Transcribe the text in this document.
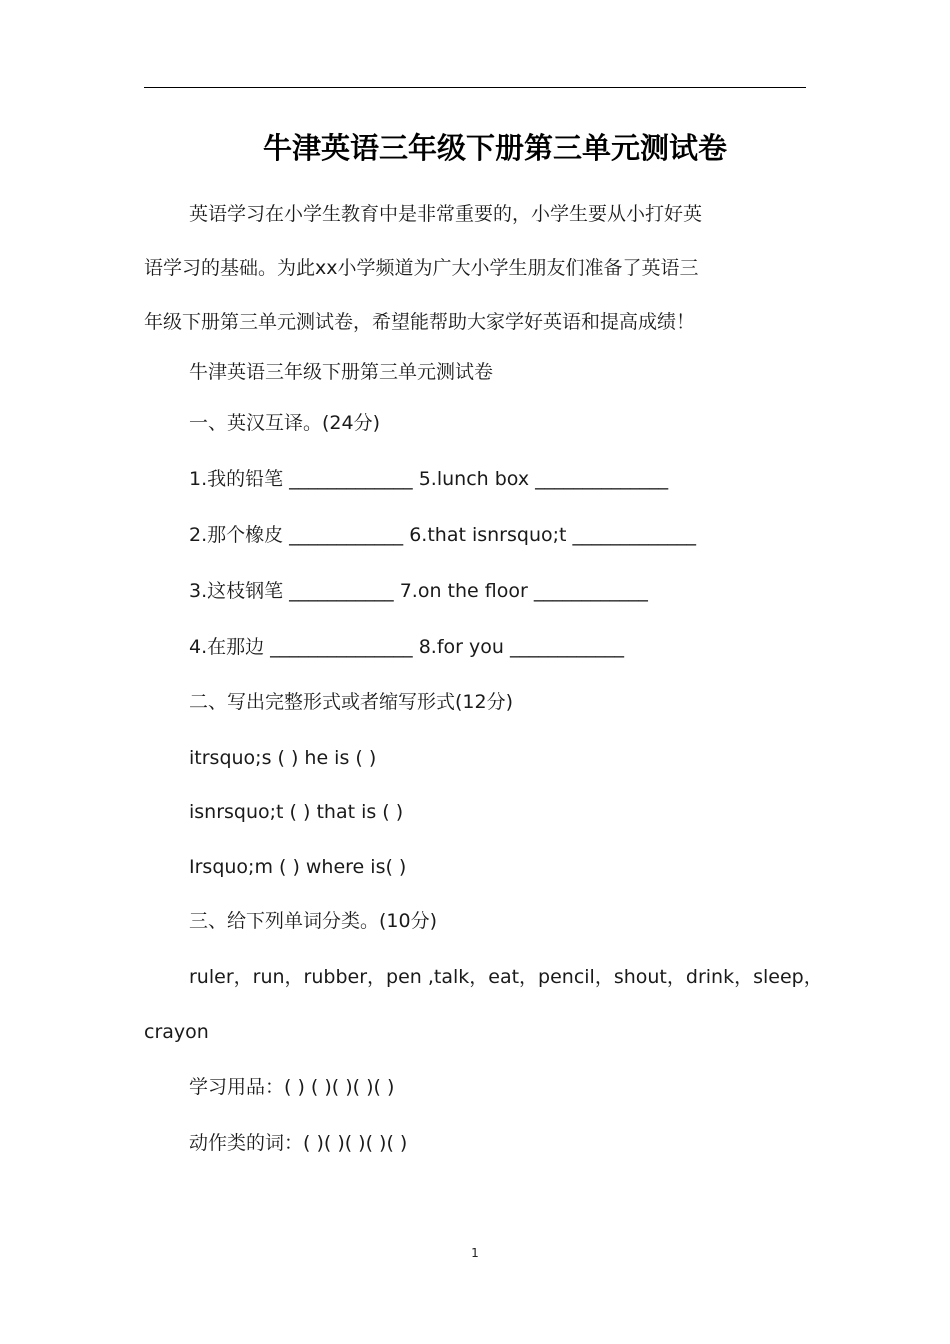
牛津英语三年级下册第三单元测试卷
英语学习在小学生教育中是非常重要的，小学生要从小打好英
语学习的基础。为此xx小学频道为广大小学生朋友们准备了英语三
年级下册第三单元测试卷，希望能帮助大家学好英语和提高成绩！
牛津英语三年级下册第三单元测试卷
一、英汉互译。(24分)
1.我的铅笔 _____________ 5.lunch box ______________
2.那个橡皮 ____________ 6.that isnrsquo;t _____________
3.这枝钢笔 ___________ 7.on the floor ____________
4.在那边 _______________ 8.for you ____________
二、写出完整形式或者缩写形式(12分)
itrsquo;s ( ) he is ( )
isnrsquo;t ( ) that is ( )
Irsquo;m ( ) where is( )
三、给下列单词分类。(10分)
ruler，run，rubber，pen ,talk，eat，pencil，shout，drink，sleep，
crayon
学习用品：( ) ( )( )( )( )
动作类的词：( )( )( )( )( )
1
